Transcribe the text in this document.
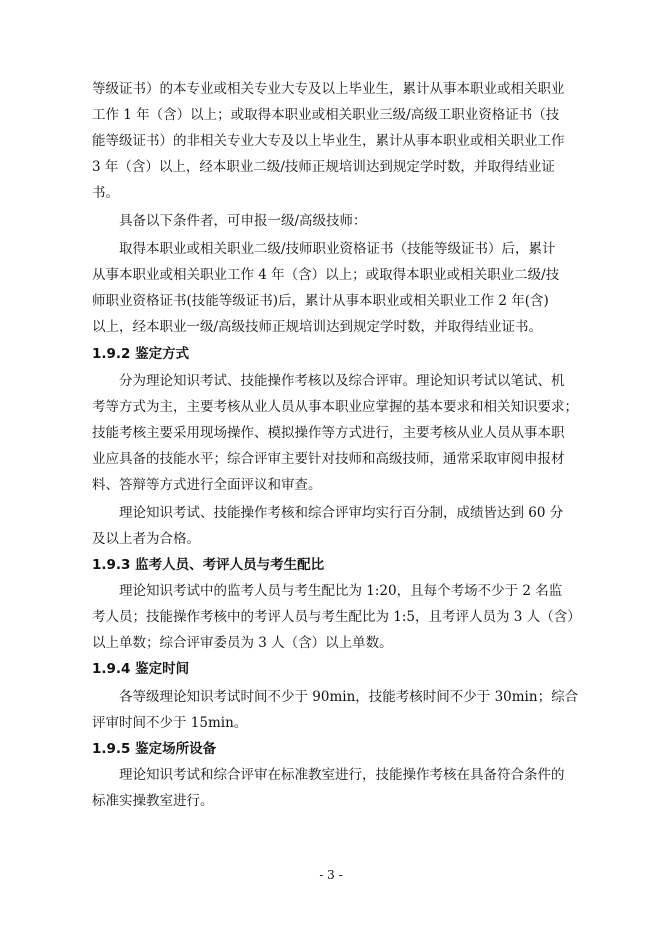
等级证书）的本专业或相关专业大专及以上毕业生，累计从事本职业或相关职业

工作 1 年（含）以上；或取得本职业或相关职业三级/高级工职业资格证书（技

能等级证书）的非相关专业大专及以上毕业生，累计从事本职业或相关职业工作

3 年（含）以上，经本职业二级/技师正规培训达到规定学时数，并取得结业证

书。

具备以下条件者，可申报一级/高级技师：

取得本职业或相关职业二级/技师职业资格证书（技能等级证书）后，累计

从事本职业或相关职业工作 4 年（含）以上；或取得本职业或相关职业二级/技

师职业资格证书(技能等级证书)后，累计从事本职业或相关职业工作 2 年(含)

以上，经本职业一级/高级技师正规培训达到规定学时数，并取得结业证书。

1.9.2 鉴定方式

分为理论知识考试、技能操作考核以及综合评审。理论知识考试以笔试、机

考等方式为主，主要考核从业人员从事本职业应掌握的基本要求和相关知识要求；

技能考核主要采用现场操作、模拟操作等方式进行，主要考核从业人员从事本职

业应具备的技能水平；综合评审主要针对技师和高级技师，通常采取审阅申报材

料、答辩等方式进行全面评议和审查。

理论知识考试、技能操作考核和综合评审均实行百分制，成绩皆达到 60 分

及以上者为合格。

1.9.3 监考人员、考评人员与考生配比

理论知识考试中的监考人员与考生配比为 1:20，且每个考场不少于 2 名监

考人员；技能操作考核中的考评人员与考生配比为 1:5，且考评人员为 3 人（含）

以上单数；综合评审委员为 3 人（含）以上单数。

1.9.4 鉴定时间

各等级理论知识考试时间不少于 90min，技能考核时间不少于 30min；综合

评审时间不少于 15min。

1.9.5 鉴定场所设备

理论知识考试和综合评审在标准教室进行，技能操作考核在具备符合条件的

标准实操教室进行。

- 3 -
